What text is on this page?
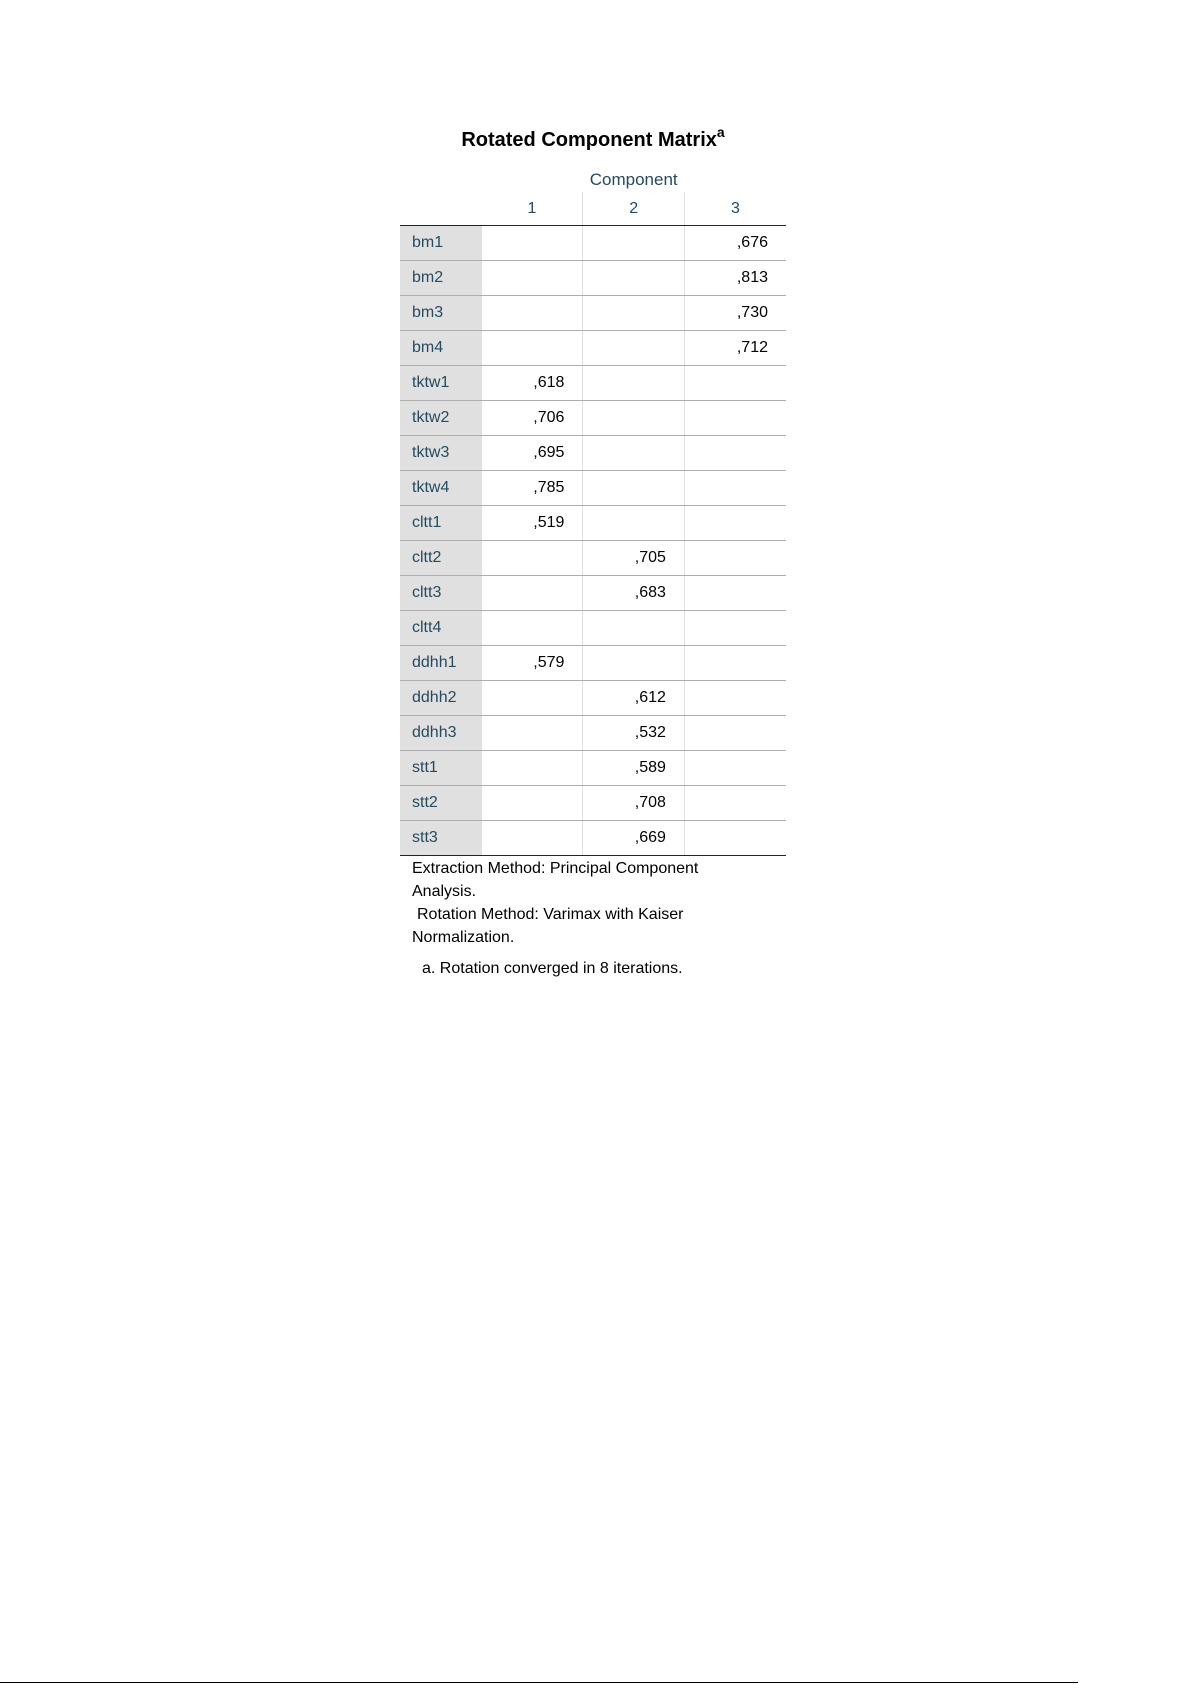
Rotated Component Matrix$^a$
	Component		
	1	2	3
bm1			,676
bm2			,813
bm3			,730
bm4			,712
tktw1	,618		
tktw2	,706		
tktw3	,695		
tktw4	,785		
cltt1	,519		
cltt2		,705	
cltt3		,683	
cltt4			
ddhh1	,579		
ddhh2		,612	
ddhh3		,532	
stt1		,589	
stt2		,708	
stt3		,669	
Extraction Method: Principal Component
Analysis.
Rotation Method: Varimax with Kaiser
Normalization.
a. Rotation converged in 8 iterations.
